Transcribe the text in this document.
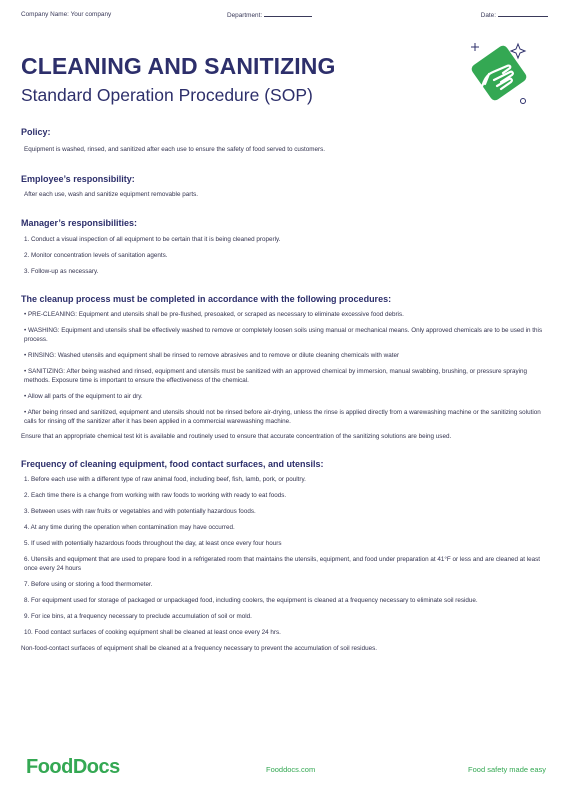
Company Name: Your company	Department:	Date:
CLEANING AND SANITIZING
Standard Operation Procedure (SOP)
Policy:
Equipment is washed, rinsed, and sanitized after each use to ensure the safety of food served to customers.
Employee’s responsibility:
After each use, wash and sanitize equipment removable parts.
Manager’s responsibilities:
1. Conduct a visual inspection of all equipment to be certain that it is being cleaned properly.
2. Monitor concentration levels of sanitation agents.
3. Follow-up as necessary.
The cleanup process must be completed in accordance with the following procedures:
• PRE-CLEANING: Equipment and utensils shall be pre-flushed, presoaked, or scraped as necessary to eliminate excessive food debris.
• WASHING: Equipment and utensils shall be effectively washed to remove or completely loosen soils using manual or mechanical means. Only approved chemicals are to be used in this process.
• RINSING: Washed utensils and equipment shall be rinsed to remove abrasives and to remove or dilute cleaning chemicals with water
• SANITIZING: After being washed and rinsed, equipment and utensils must be sanitized with an approved chemical by immersion, manual swabbing, brushing, or pressure spraying methods. Exposure time is important to ensure the effectiveness of the chemical.
• Allow all parts of the equipment to air dry.
• After being rinsed and sanitized, equipment and utensils should not be rinsed before air-drying, unless the rinse is applied directly from a warewashing machine or the sanitizing solution calls for rinsing off the sanitizer after it has been applied in a commercial warewashing machine.
Ensure that an appropriate chemical test kit is available and routinely used to ensure that accurate concentration of the sanitizing solutions are being used.
Frequency of cleaning equipment, food contact surfaces, and utensils:
1. Before each use with a different type of raw animal food, including beef, fish, lamb, pork, or poultry.
2. Each time there is a change from working with raw foods to working with ready to eat foods.
3. Between uses with raw fruits or vegetables and with potentially hazardous foods.
4. At any time during the operation when contamination may have occurred.
5. If used with potentially hazardous foods throughout the day, at least once every four hours
6. Utensils and equipment that are used to prepare food in a refrigerated room that maintains the utensils, equipment, and food under preparation at 41°F or less and are cleaned at least once every 24 hours
7. Before using or storing a food thermometer.
8. For equipment used for storage of packaged or unpackaged food, including coolers, the equipment is cleaned at a frequency necessary to eliminate soil residue.
9. For ice bins, at a frequency necessary to preclude accumulation of soil or mold.
10. Food contact surfaces of cooking equipment shall be cleaned at least once every 24 hrs.
Non-food-contact surfaces of equipment shall be cleaned at a frequency necessary to prevent the accumulation of soil residues.
FoodDocs	Fooddocs.com	Food safety made easy
